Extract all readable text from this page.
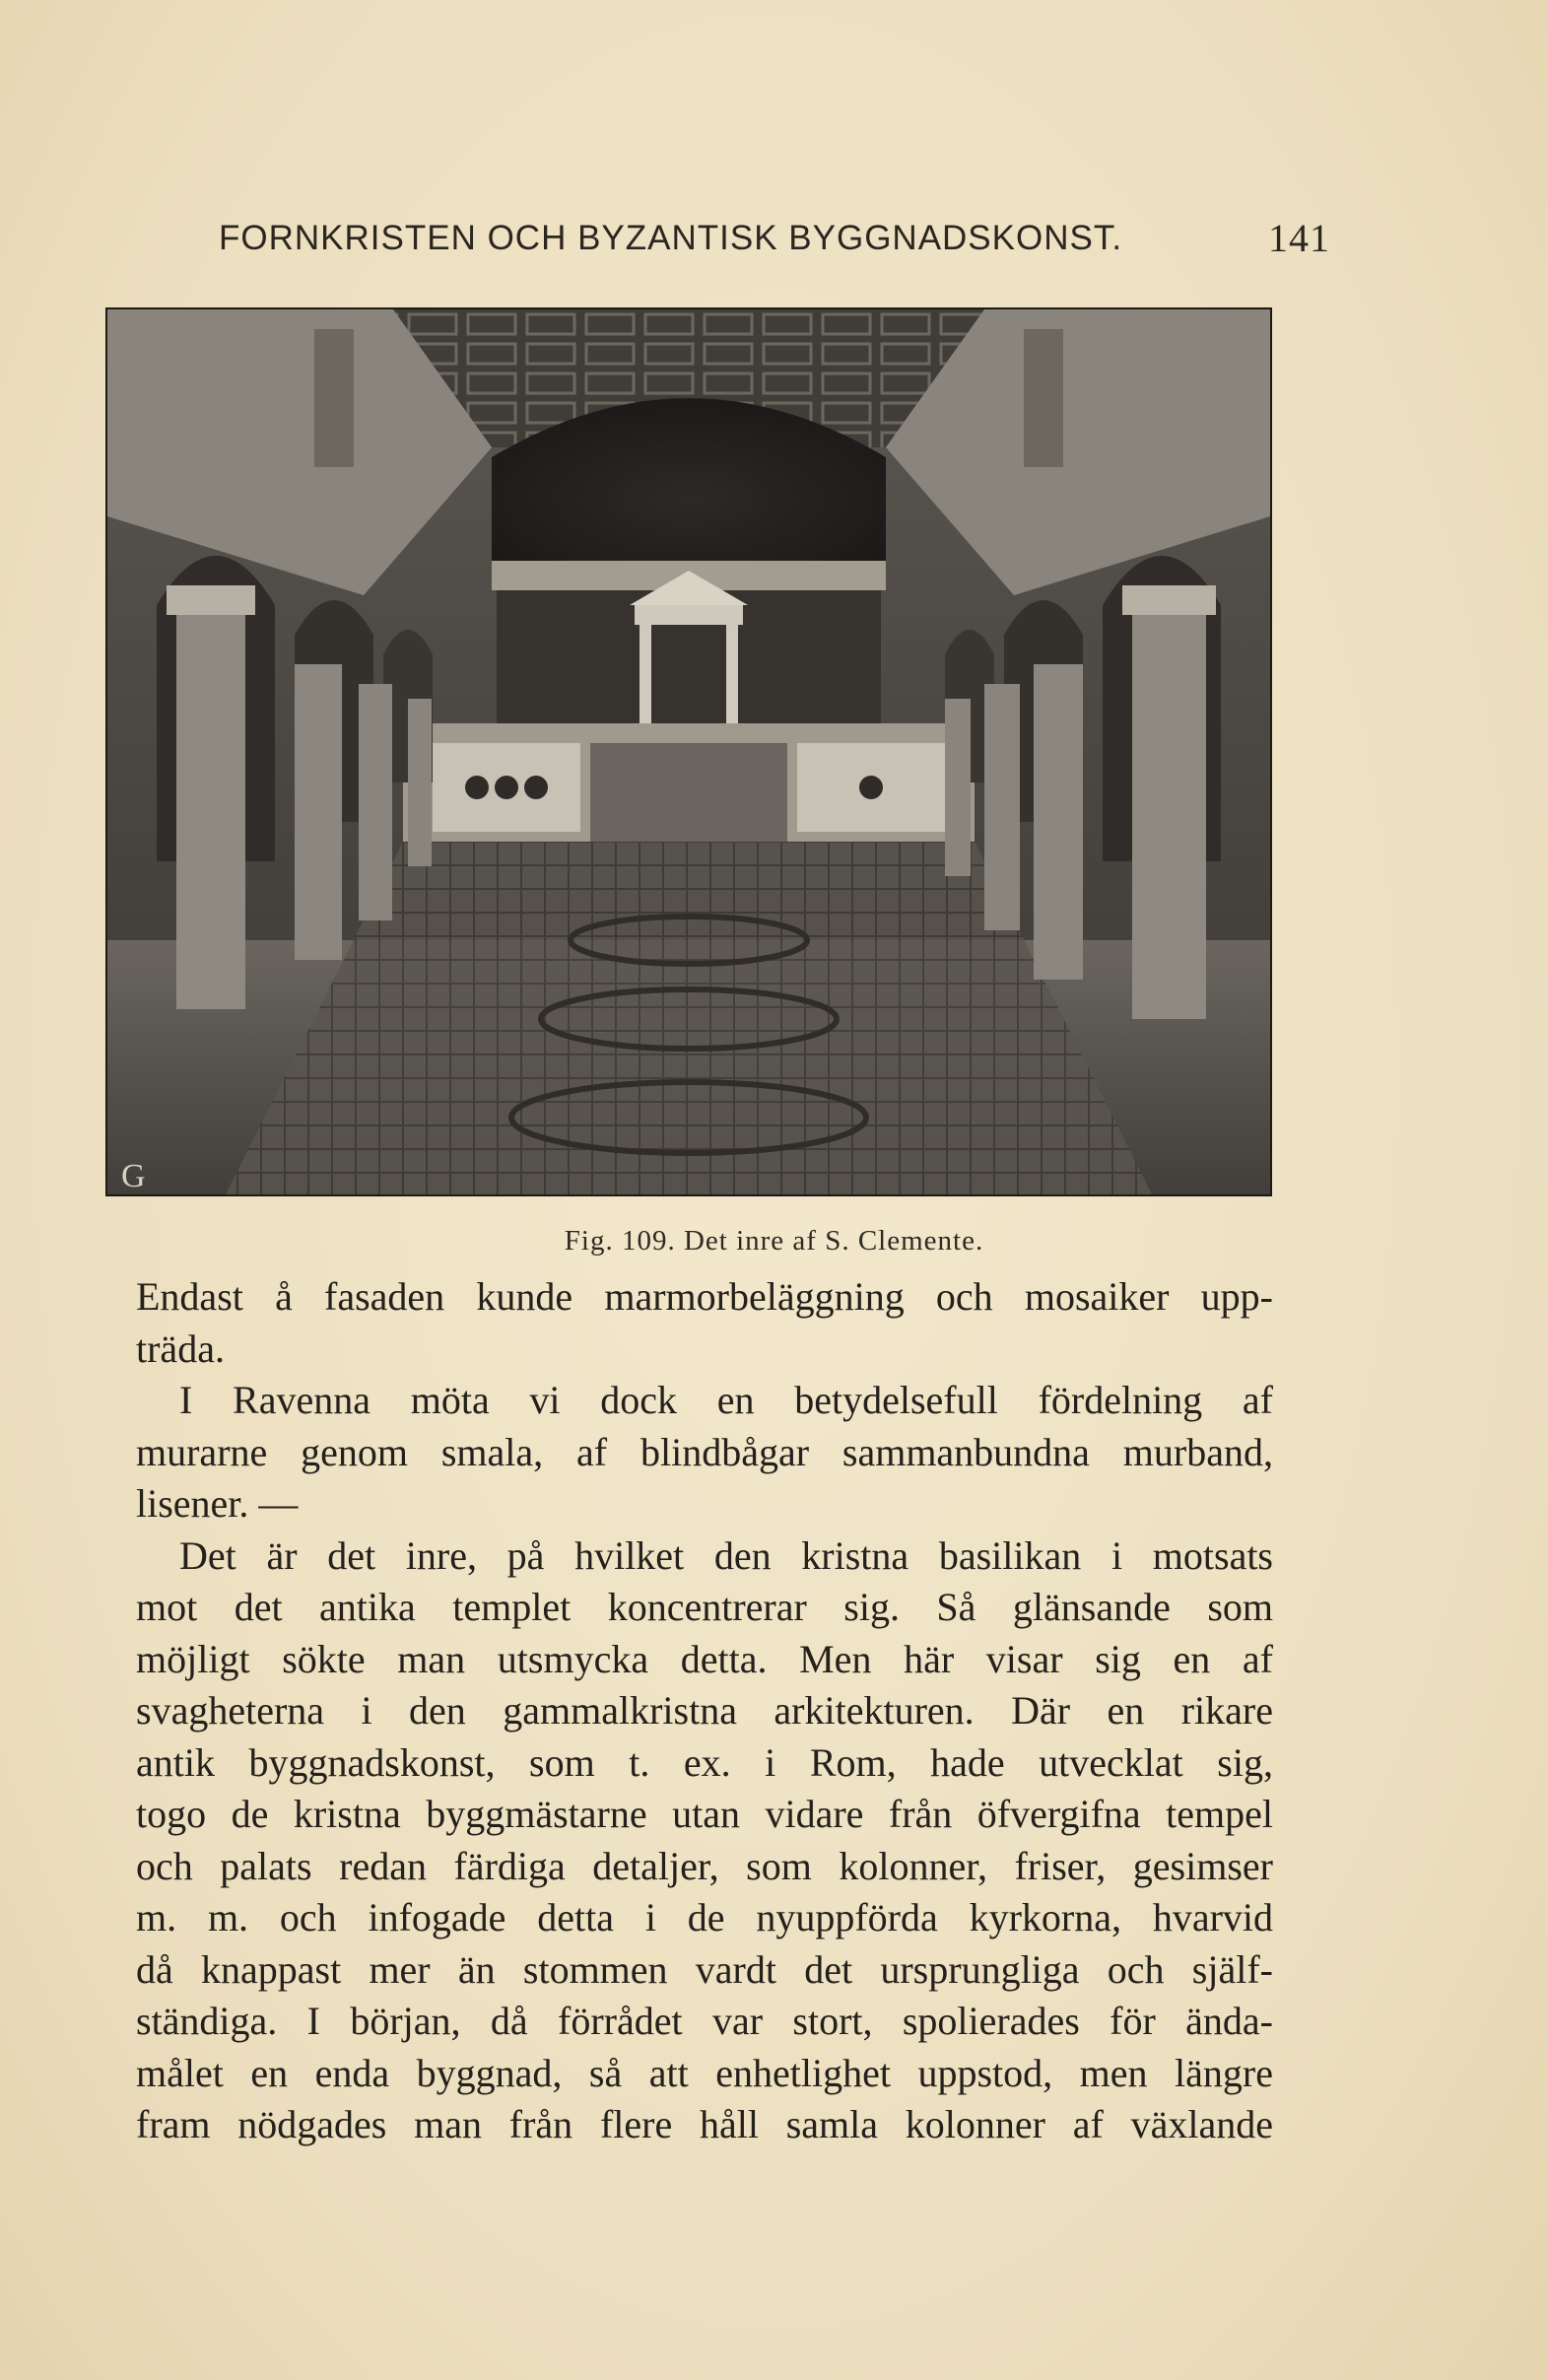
FORNKRISTEN OCH BYZANTISK BYGGNADSKONST.	141
G
Fig. 109. Det inre af S. Clemente.
Endast å fasaden kunde marmorbeläggning och mosaiker upp-
träda.
I Ravenna möta vi dock en betydelsefull fördelning af
murarne genom smala, af blindbågar sammanbundna murband,
lisener. —
Det är det inre, på hvilket den kristna basilikan i motsats
mot det antika templet koncentrerar sig. Så glänsande som
möjligt sökte man utsmycka detta. Men här visar sig en af
svagheterna i den gammalkristna arkitekturen. Där en rikare
antik byggnadskonst, som t. ex. i Rom, hade utvecklat sig,
togo de kristna byggmästarne utan vidare från öfvergifna tempel
och palats redan färdiga detaljer, som kolonner, friser, gesimser
m. m. och infogade detta i de nyuppförda kyrkorna, hvarvid
då knappast mer än stommen vardt det ursprungliga och själf-
ständiga. I början, då förrådet var stort, spolierades för ända-
målet en enda byggnad, så att enhetlighet uppstod, men längre
fram nödgades man från flere håll samla kolonner af växlande
